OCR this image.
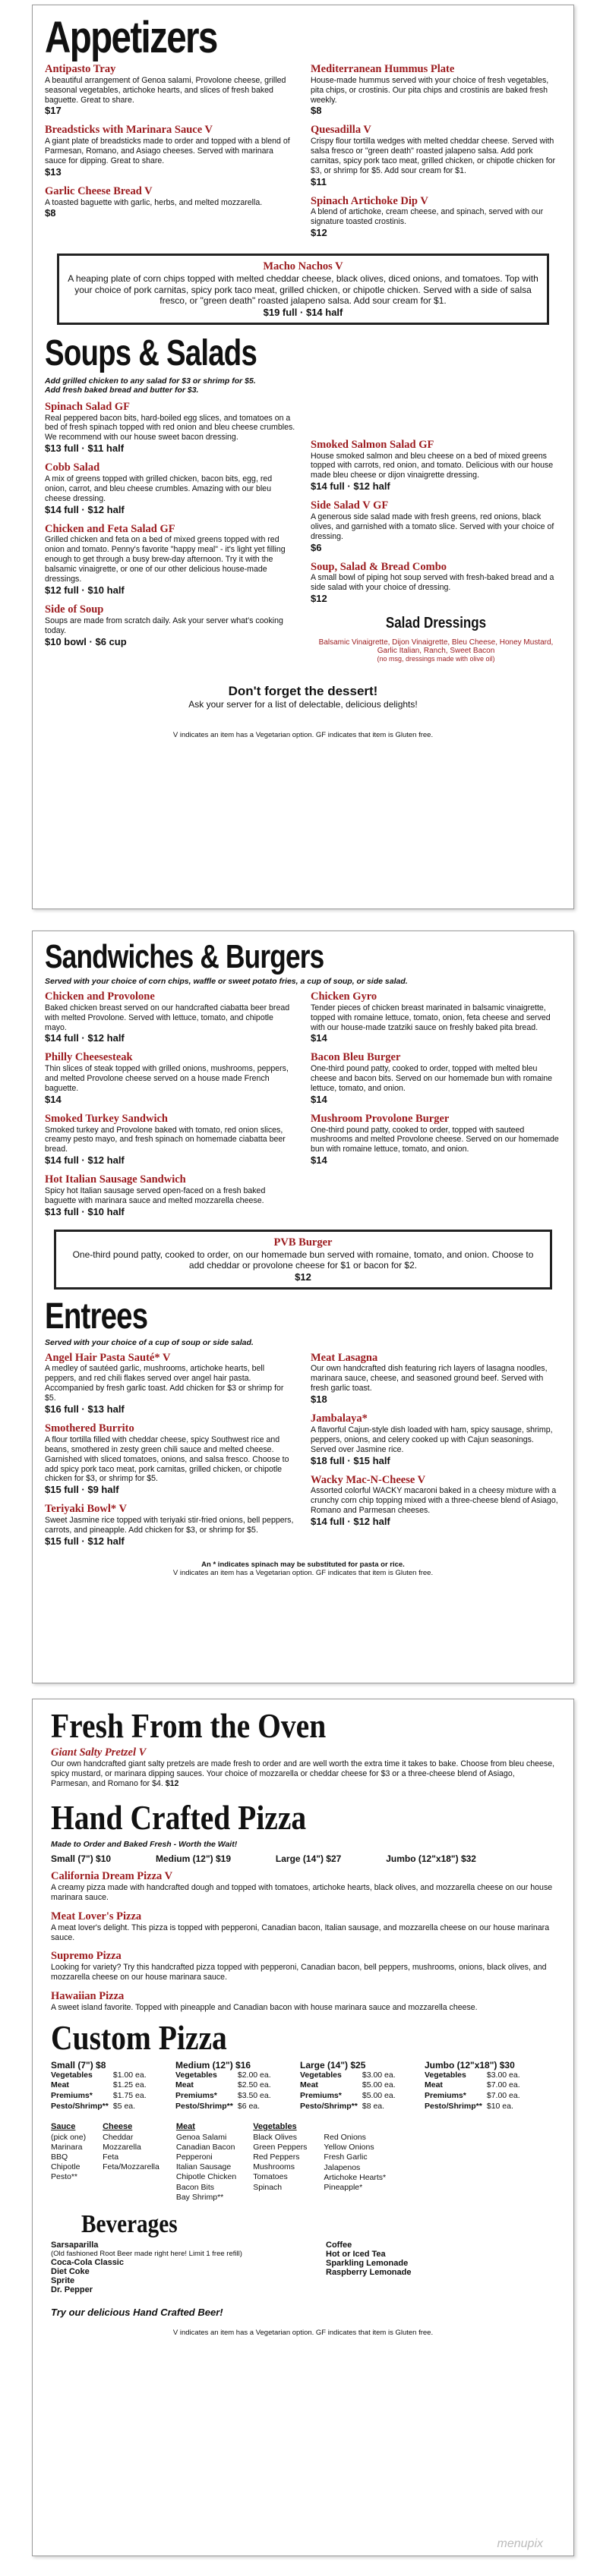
Appetizers
Antipasto Tray
A beautiful arrangement of Genoa salami, Provolone cheese, grilled seasonal vegetables, artichoke hearts, and slices of fresh baked baguette. Great to share.
$17
Breadsticks with Marinara Sauce V
A giant plate of breadsticks made to order and topped with a blend of Parmesan, Romano, and Asiago cheeses. Served with marinara sauce for dipping. Great to share.
$13
Garlic Cheese Bread V
A toasted baguette with garlic, herbs, and melted mozzarella.
$8
Mediterranean Hummus Plate
House-made hummus served with your choice of fresh vegetables, pita chips, or crostinis. Our pita chips and crostinis are baked fresh weekly.
$8
Quesadilla V
Crispy flour tortilla wedges with melted cheddar cheese. Served with salsa fresco or "green death" roasted jalapeno salsa. Add pork carnitas, spicy pork taco meat, grilled chicken, or chipotle chicken for $3, or shrimp for $5. Add sour cream for $1.
$11
Spinach Artichoke Dip V
A blend of artichoke, cream cheese, and spinach, served with our signature toasted crostinis.
$12
Macho Nachos V
A heaping plate of corn chips topped with melted cheddar cheese, black olives, diced onions, and tomatoes. Top with your choice of pork carnitas, spicy pork taco meat, grilled chicken, or chipotle chicken. Served with a side of salsa fresco, or "green death" roasted jalapeno salsa. Add sour cream for $1.
$19 full · $14 half
Soups & Salads
Add grilled chicken to any salad for $3 or shrimp for $5.
Add fresh baked bread and butter for $3.
Spinach Salad GF
Real peppered bacon bits, hard-boiled egg slices, and tomatoes on a bed of fresh spinach topped with red onion and bleu cheese crumbles. We recommend with our house sweet bacon dressing.
$13 full · $11 half
Cobb Salad
A mix of greens topped with grilled chicken, bacon bits, egg, red onion, carrot, and bleu cheese crumbles. Amazing with our bleu cheese dressing.
$14 full · $12 half
Chicken and Feta Salad GF
Grilled chicken and feta on a bed of mixed greens topped with red onion and tomato. Penny's favorite "happy meal" - it's light yet filling enough to get through a busy brew-day afternoon. Try it with the balsamic vinaigrette, or one of our other delicious house-made dressings.
$12 full · $10 half
Side of Soup
Soups are made from scratch daily. Ask your server what's cooking today.
$10 bowl · $6 cup
Smoked Salmon Salad GF
House smoked salmon and bleu cheese on a bed of mixed greens topped with carrots, red onion, and tomato. Delicious with our house made bleu cheese or dijon vinaigrette dressing.
$14 full · $12 half
Side Salad V GF
A generous side salad made with fresh greens, red onions, black olives, and garnished with a tomato slice. Served with your choice of dressing.
$6
Soup, Salad & Bread Combo
A small bowl of piping hot soup served with fresh-baked bread and a side salad with your choice of dressing.
$12
Salad Dressings
Balsamic Vinaigrette, Dijon Vinaigrette, Bleu Cheese, Honey Mustard, Garlic Italian, Ranch, Sweet Bacon
(no msg, dressings made with olive oil)
Don't forget the dessert!
Ask your server for a list of delectable, delicious delights!
V indicates an item has a Vegetarian option. GF indicates that item is Gluten free.
Sandwiches & Burgers
Served with your choice of corn chips, waffle or sweet potato fries, a cup of soup, or side salad.
Chicken and Provolone
Baked chicken breast served on our handcrafted ciabatta beer bread with melted Provolone. Served with lettuce, tomato, and chipotle mayo.
$14 full · $12 half
Philly Cheesesteak
Thin slices of steak topped with grilled onions, mushrooms, peppers, and melted Provolone cheese served on a house made French baguette.
$14
Smoked Turkey Sandwich
Smoked turkey and Provolone baked with tomato, red onion slices, creamy pesto mayo, and fresh spinach on homemade ciabatta beer bread.
$14 full · $12 half
Hot Italian Sausage Sandwich
Spicy hot Italian sausage served open-faced on a fresh baked baguette with marinara sauce and melted mozzarella cheese.
$13 full · $10 half
Chicken Gyro
Tender pieces of chicken breast marinated in balsamic vinaigrette, topped with romaine lettuce, tomato, onion, feta cheese and served with our house-made tzatziki sauce on freshly baked pita bread.
$14
Bacon Bleu Burger
One-third pound patty, cooked to order, topped with melted bleu cheese and bacon bits. Served on our homemade bun with romaine lettuce, tomato, and onion.
$14
Mushroom Provolone Burger
One-third pound patty, cooked to order, topped with sauteed mushrooms and melted Provolone cheese. Served on our homemade bun with romaine lettuce, tomato, and onion.
$14
PVB Burger
One-third pound patty, cooked to order, on our homemade bun served with romaine, tomato, and onion. Choose to add cheddar or provolone cheese for $1 or bacon for $2.
$12
Entrees
Served with your choice of a cup of soup or side salad.
Angel Hair Pasta Sauté* V
A medley of sautéed garlic, mushrooms, artichoke hearts, bell peppers, and red chili flakes served over angel hair pasta. Accompanied by fresh garlic toast. Add chicken for $3 or shrimp for $5.
$16 full · $13 half
Smothered Burrito
A flour tortilla filled with cheddar cheese, spicy Southwest rice and beans, smothered in zesty green chili sauce and melted cheese. Garnished with sliced tomatoes, onions, and salsa fresco. Choose to add spicy pork taco meat, pork carnitas, grilled chicken, or chipotle chicken for $3, or shrimp for $5.
$15 full · $9 half
Teriyaki Bowl* V
Sweet Jasmine rice topped with teriyaki stir-fried onions, bell peppers, carrots, and pineapple. Add chicken for $3, or shrimp for $5.
$15 full · $12 half
Meat Lasagna
Our own handcrafted dish featuring rich layers of lasagna noodles, marinara sauce, cheese, and seasoned ground beef. Served with fresh garlic toast.
$18
Jambalaya*
A flavorful Cajun-style dish loaded with ham, spicy sausage, shrimp, peppers, onions, and celery cooked up with Cajun seasonings. Served over Jasmine rice.
$18 full · $15 half
Wacky Mac-N-Cheese V
Assorted colorful WACKY macaroni baked in a cheesy mixture with a crunchy corn chip topping mixed with a three-cheese blend of Asiago, Romano and Parmesan cheeses.
$14 full · $12 half
An * indicates spinach may be substituted for pasta or rice.
V indicates an item has a Vegetarian option. GF indicates that item is Gluten free.
Fresh From the Oven
Giant Salty Pretzel V
Our own handcrafted giant salty pretzels are made fresh to order and are well worth the extra time it takes to bake. Choose from bleu cheese, spicy mustard, or marinara dipping sauces. Your choice of mozzarella or cheddar cheese for $3 or a three-cheese blend of Asiago, Parmesan, and Romano for $4. $12
Hand Crafted Pizza
Made to Order and Baked Fresh - Worth the Wait!
Small (7") $10	Medium (12") $19	Large (14") $27	Jumbo (12"x18") $32
California Dream Pizza V
A creamy pizza made with handcrafted dough and topped with tomatoes, artichoke hearts, black olives, and mozzarella cheese on our house marinara sauce.
Meat Lover's Pizza
A meat lover's delight. This pizza is topped with pepperoni, Canadian bacon, Italian sausage, and mozzarella cheese on our house marinara sauce.
Supremo Pizza
Looking for variety? Try this handcrafted pizza topped with pepperoni, Canadian bacon, bell peppers, mushrooms, onions, black olives, and mozzarella cheese on our house marinara sauce.
Hawaiian Pizza
A sweet island favorite. Topped with pineapple and Canadian bacon with house marinara sauce and mozzarella cheese.
Custom Pizza
Small (7") $8
Vegetables	$1.00 ea.
Meat	$1.25 ea.
Premiums*	$1.75 ea.
Pesto/Shrimp**	$5 ea.
Medium (12") $16
Vegetables	$2.00 ea.
Meat	$2.50 ea.
Premiums*	$3.50 ea.
Pesto/Shrimp**	$6 ea.
Large (14") $25
Vegetables	$3.00 ea.
Meat	$5.00 ea.
Premiums*	$5.00 ea.
Pesto/Shrimp**	$8 ea.
Jumbo (12"x18") $30
Vegetables	$3.00 ea.
Meat	$7.00 ea.
Premiums*	$7.00 ea.
Pesto/Shrimp**	$10 ea.
Sauce
(pick one)
Marinara
BBQ
Chipotle
Pesto**
Cheese
Cheddar
Mozzarella
Feta
Feta/Mozzarella
Meat
Genoa Salami
Canadian Bacon
Pepperoni
Italian Sausage
Chipotle Chicken
Bacon Bits
Bay Shrimp**
Vegetables
Black Olives
Green Peppers
Red Peppers
Mushrooms
Tomatoes
Spinach
Red Onions
Yellow Onions
Fresh Garlic
Jalapenos
Artichoke Hearts*
Pineapple*
Beverages
Sarsaparilla
(Old fashioned Root Beer made right here! Limit 1 free refill)
Coca-Cola Classic
Diet Coke
Sprite
Dr. Pepper
Coffee
Hot or Iced Tea
Sparkling Lemonade
Raspberry Lemonade
Try our delicious Hand Crafted Beer!
V indicates an item has a Vegetarian option. GF indicates that item is Gluten free.
menupix
